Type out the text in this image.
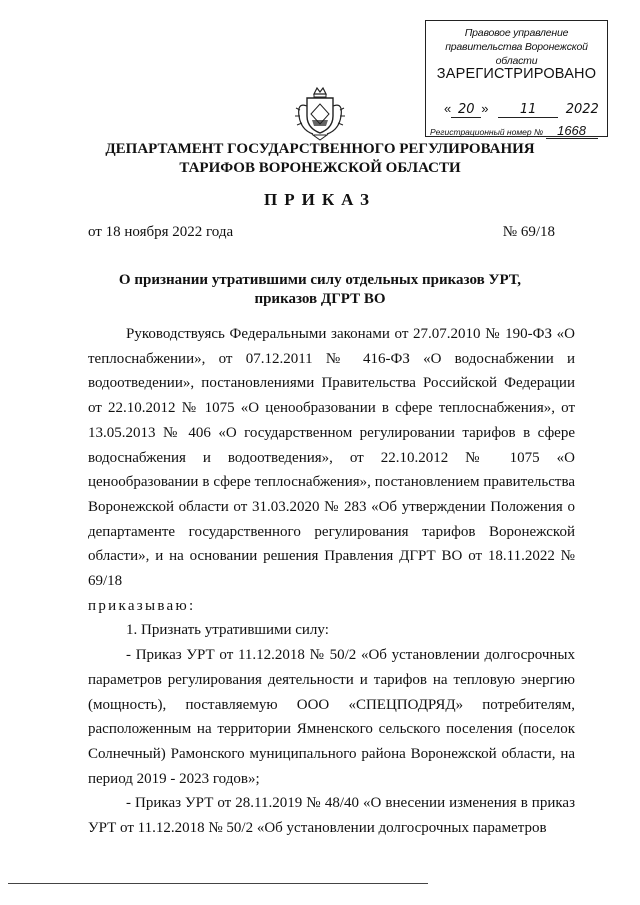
Правовое управление правительства Воронежской области
ЗАРЕГИСТРИРОВАНО
« 20 » 11 2022
Регистрационный номер № 1668
ДЕПАРТАМЕНТ ГОСУДАРСТВЕННОГО РЕГУЛИРОВАНИЯ
ТАРИФОВ ВОРОНЕЖСКОЙ ОБЛАСТИ
ПРИКАЗ
от 18 ноября 2022 года	№ 69/18
О признании утратившими силу отдельных приказов УРТ,
приказов ДГРТ ВО

Руководствуясь Федеральными законами от 27.07.2010 № 190-ФЗ «О теплоснабжении», от 07.12.2011 № 416-ФЗ «О водоснабжении и водоотведении», постановлениями Правительства Российской Федерации от 22.10.2012 № 1075 «О ценообразовании в сфере теплоснабжения», от 13.05.2013 № 406 «О государственном регулировании тарифов в сфере водоснабжения и водоотведения», от 22.10.2012 № 1075 «О ценообразовании в сфере теплоснабжения», постановлением правительства Воронежской области от 31.03.2020 № 283 «Об утверждении Положения о департаменте государственного регулирования тарифов Воронежской области», и на основании решения Правления ДГРТ ВО от 18.11.2022 № 69/18

приказываю:

1. Признать утратившими силу:

- Приказ УРТ от 11.12.2018 № 50/2 «Об установлении долгосрочных параметров регулирования деятельности и тарифов на тепловую энергию (мощность), поставляемую ООО «СПЕЦПОДРЯД» потребителям, расположенным на территории Ямненского сельского поселения (поселок Солнечный) Рамонского муниципального района Воронежской области, на период 2019 - 2023 годов»;

- Приказ УРТ от 28.11.2019 № 48/40 «О внесении изменения в приказ УРТ от 11.12.2018 № 50/2 «Об установлении долгосрочных параметров
